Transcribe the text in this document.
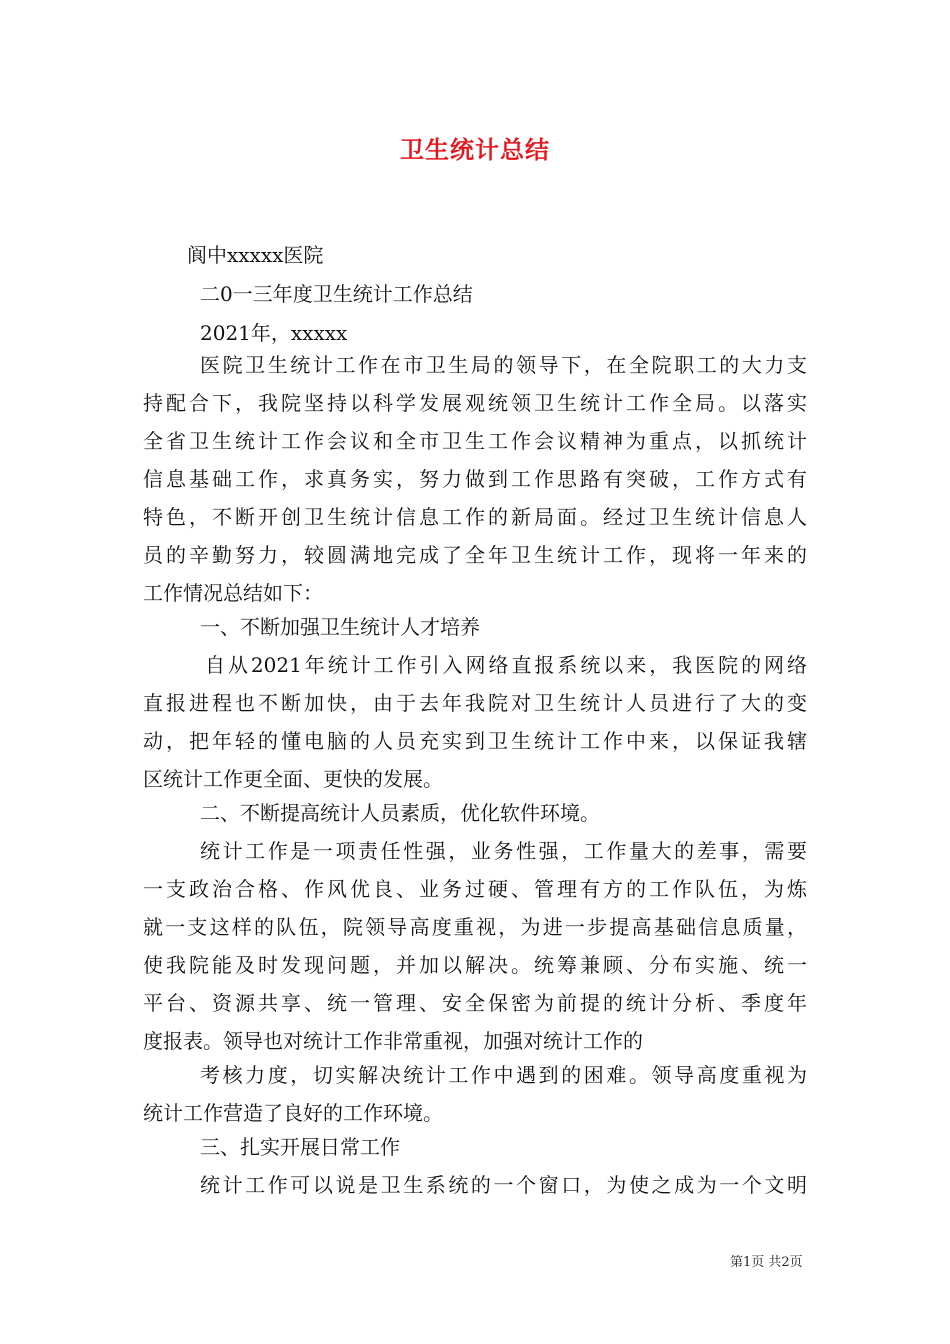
卫生统计总结
阆中xxxxx医院
二0一三年度卫生统计工作总结
2021年，xxxxx
医院卫生统计工作在市卫生局的领导下，在全院职工的大力支
持配合下，我院坚持以科学发展观统领卫生统计工作全局。以落实
全省卫生统计工作会议和全市卫生工作会议精神为重点，以抓统计
信息基础工作，求真务实，努力做到工作思路有突破，工作方式有
特色，不断开创卫生统计信息工作的新局面。经过卫生统计信息人
员的辛勤努力，较圆满地完成了全年卫生统计工作，现将一年来的
工作情况总结如下：
一、不断加强卫生统计人才培养
自从2021年统计工作引入网络直报系统以来，我医院的网络
直报进程也不断加快，由于去年我院对卫生统计人员进行了大的变
动，把年轻的懂电脑的人员充实到卫生统计工作中来，以保证我辖
区统计工作更全面、更快的发展。
二、不断提高统计人员素质，优化软件环境。
统计工作是一项责任性强，业务性强，工作量大的差事，需要
一支政治合格、作风优良、业务过硬、管理有方的工作队伍，为炼
就一支这样的队伍，院领导高度重视，为进一步提高基础信息质量，
使我院能及时发现问题，并加以解决。统筹兼顾、分布实施、统一
平台、资源共享、统一管理、安全保密为前提的统计分析、季度年
度报表。领导也对统计工作非常重视，加强对统计工作的
考核力度，切实解决统计工作中遇到的困难。领导高度重视为
统计工作营造了良好的工作环境。
三、扎实开展日常工作
统计工作可以说是卫生系统的一个窗口，为使之成为一个文明
第1页 共2页
